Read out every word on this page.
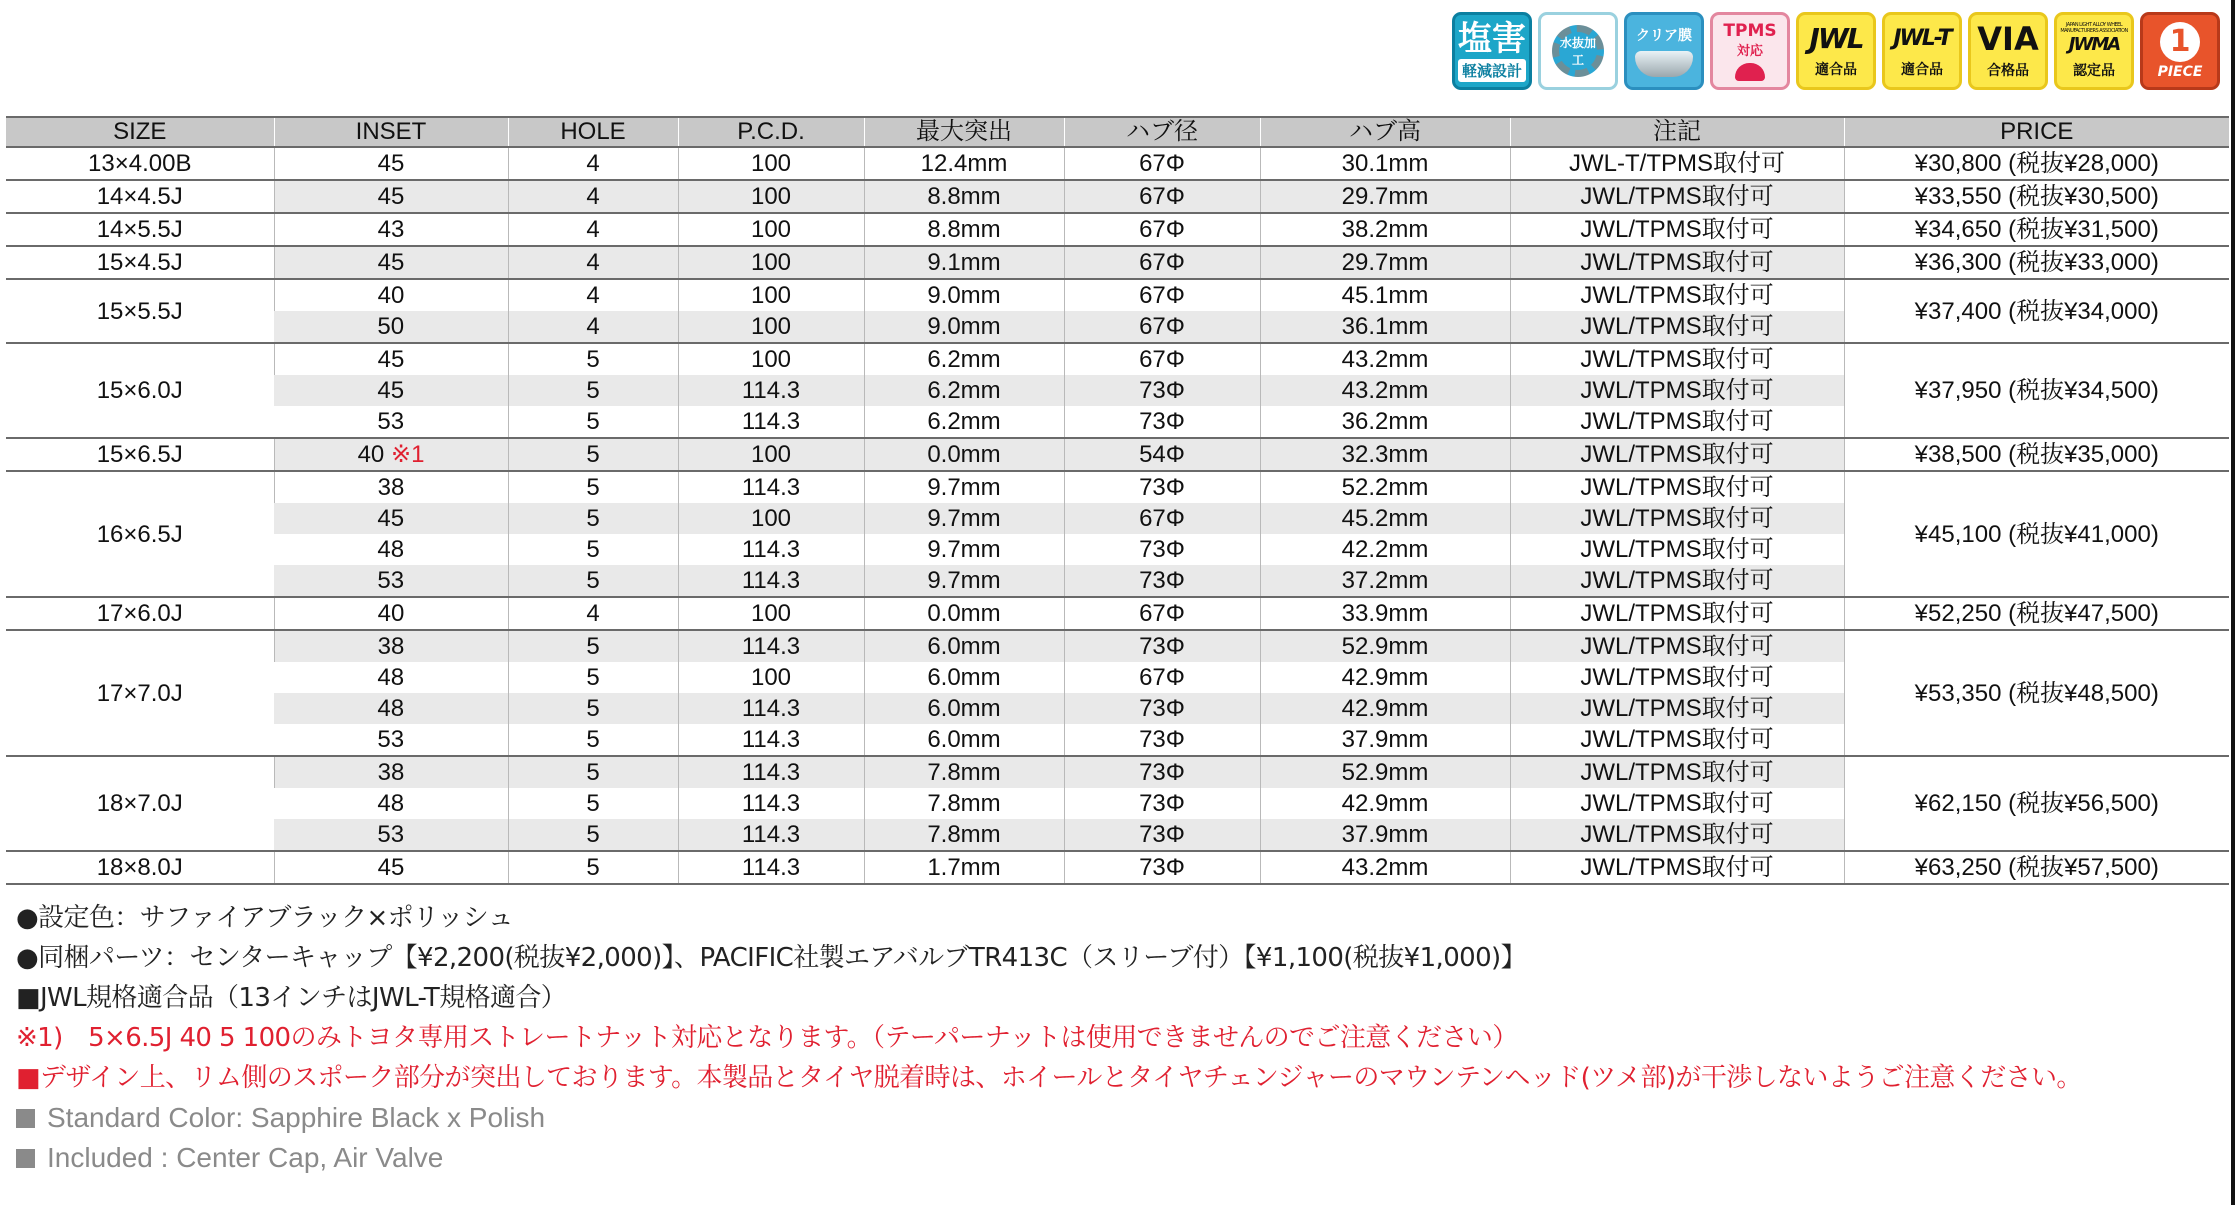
塩害
軽減設計
水抜加工
クリア膜 TPMS
対応 JWL
適合品
JWL-T
適合品
VIA
合格品
JAPAN LIGHT ALLOY WHEEL MANUFACTURERS ASSOCIATION
JWMA
認定品
1
PIECE
SIZE	INSET	HOLE	P.C.D.	最大突出	ハブ径	ハブ高	注記	PRICE
13×4.00B	45	4	100	12.4mm	67Φ	30.1mm	JWL-T/TPMS取付可	¥30,800 (税抜¥28,000)
14×4.5J	45	4	100	8.8mm	67Φ	29.7mm	JWL/TPMS取付可	¥33,550 (税抜¥30,500)
14×5.5J	43	4	100	8.8mm	67Φ	38.2mm	JWL/TPMS取付可	¥34,650 (税抜¥31,500)
15×4.5J	45	4	100	9.1mm	67Φ	29.7mm	JWL/TPMS取付可	¥36,300 (税抜¥33,000)
15×5.5J	40	4	100	9.0mm	67Φ	45.1mm	JWL/TPMS取付可	¥37,400 (税抜¥34,000)
	50	4	100	9.0mm	67Φ	36.1mm	JWL/TPMS取付可	
15×6.0J	45	5	100	6.2mm	67Φ	43.2mm	JWL/TPMS取付可	¥37,950 (税抜¥34,500)
	45	5	114.3	6.2mm	73Φ	43.2mm	JWL/TPMS取付可	
	53	5	114.3	6.2mm	73Φ	36.2mm	JWL/TPMS取付可	
15×6.5J	40 ※1	5	100	0.0mm	54Φ	32.3mm	JWL/TPMS取付可	¥38,500 (税抜¥35,000)
16×6.5J	38	5	114.3	9.7mm	73Φ	52.2mm	JWL/TPMS取付可	¥45,100 (税抜¥41,000)
	45	5	100	9.7mm	67Φ	45.2mm	JWL/TPMS取付可	
	48	5	114.3	9.7mm	73Φ	42.2mm	JWL/TPMS取付可	
	53	5	114.3	9.7mm	73Φ	37.2mm	JWL/TPMS取付可	
17×6.0J	40	4	100	0.0mm	67Φ	33.9mm	JWL/TPMS取付可	¥52,250 (税抜¥47,500)
17×7.0J	38	5	114.3	6.0mm	73Φ	52.9mm	JWL/TPMS取付可	¥53,350 (税抜¥48,500)
	48	5	100	6.0mm	67Φ	42.9mm	JWL/TPMS取付可	
	48	5	114.3	6.0mm	73Φ	42.9mm	JWL/TPMS取付可	
	53	5	114.3	6.0mm	73Φ	37.9mm	JWL/TPMS取付可	
18×7.0J	38	5	114.3	7.8mm	73Φ	52.9mm	JWL/TPMS取付可	¥62,150 (税抜¥56,500)
	48	5	114.3	7.8mm	73Φ	42.9mm	JWL/TPMS取付可	
	53	5	114.3	7.8mm	73Φ	37.9mm	JWL/TPMS取付可	
18×8.0J	45	5	114.3	1.7mm	73Φ	43.2mm	JWL/TPMS取付可	¥63,250 (税抜¥57,500)
●設定色：サファイアブラック×ポリッシュ
●同梱パーツ：センターキャップ【¥2,200(税抜¥2,000)】、PACIFIC社製エアバルブTR413C（スリーブ付）【¥1,100(税抜¥1,000)】
■JWL規格適合品（13インチはJWL-T規格適合）
※1)　5×6.5J 40 5 100のみトヨタ専用ストレートナット対応となります。（テーパーナットは使用できませんのでご注意ください）
■デザイン上、リム側のスポーク部分が突出しております。本製品とタイヤ脱着時は、ホイールとタイヤチェンジャーのマウンテンヘッド(ツメ部)が干渉しないようご注意ください。
Standard Color: Sapphire Black x Polish
Included : Center Cap, Air Valve
